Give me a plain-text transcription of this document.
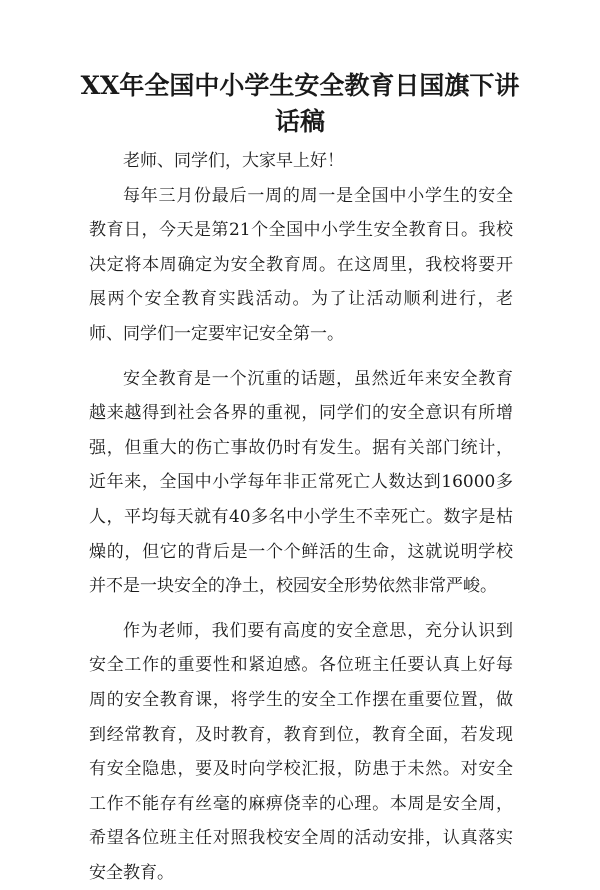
XX年全国中小学生安全教育日国旗下讲话稿

老师、同学们，大家早上好！

每年三月份最后一周的周一是全国中小学生的安全教育日，今天是第21个全国中小学生安全教育日。我校决定将本周确定为安全教育周。在这周里，我校将要开展两个安全教育实践活动。为了让活动顺利进行，老师、同学们一定要牢记安全第一。

安全教育是一个沉重的话题，虽然近年来安全教育越来越得到社会各界的重视，同学们的安全意识有所增强，但重大的伤亡事故仍时有发生。据有关部门统计，近年来，全国中小学每年非正常死亡人数达到16000多人，平均每天就有40多名中小学生不幸死亡。数字是枯燥的，但它的背后是一个个鲜活的生命，这就说明学校并不是一块安全的净土，校园安全形势依然非常严峻。

作为老师，我们要有高度的安全意思，充分认识到安全工作的重要性和紧迫感。各位班主任要认真上好每周的安全教育课，将学生的安全工作摆在重要位置，做到经常教育，及时教育，教育到位，教育全面，若发现有安全隐患，要及时向学校汇报，防患于未然。对安全工作不能存有丝毫的麻痹侥幸的心理。本周是安全周，希望各位班主任对照我校安全周的活动安排，认真落实安全教育。
